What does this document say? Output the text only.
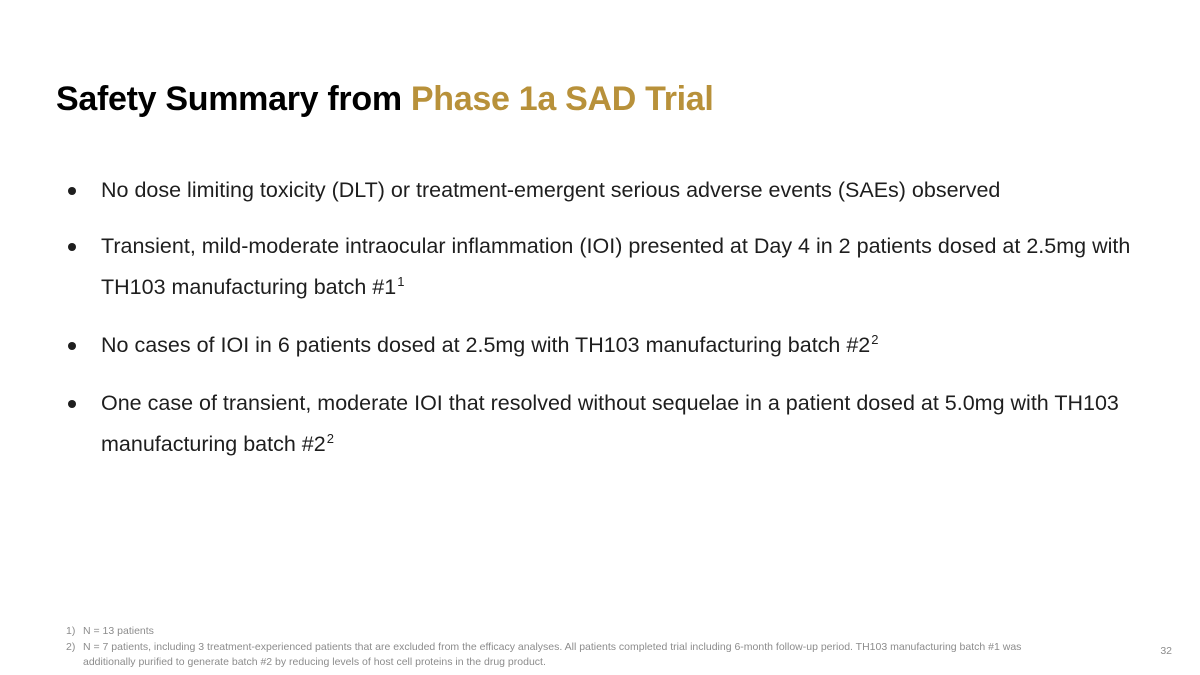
Safety Summary from Phase 1a SAD Trial
No dose limiting toxicity (DLT) or treatment-emergent serious adverse events (SAEs) observed
Transient, mild-moderate intraocular inflammation (IOI) presented at Day 4 in 2 patients dosed at 2.5mg with TH103 manufacturing batch $\#1^1$
No cases of IOI in 6 patients dosed at 2.5mg with TH103 manufacturing batch $\#2^2$
One case of transient, moderate IOI that resolved without sequelae in a patient dosed at 5.0mg with TH103 manufacturing batch $\#2^2$
1) N = 13 patients
2) N = 7 patients, including 3 treatment-experienced patients that are excluded from the efficacy analyses. All patients completed trial including 6-month follow-up period. TH103 manufacturing batch #1 was additionally purified to generate batch #2 by reducing levels of host cell proteins in the drug product.
32
